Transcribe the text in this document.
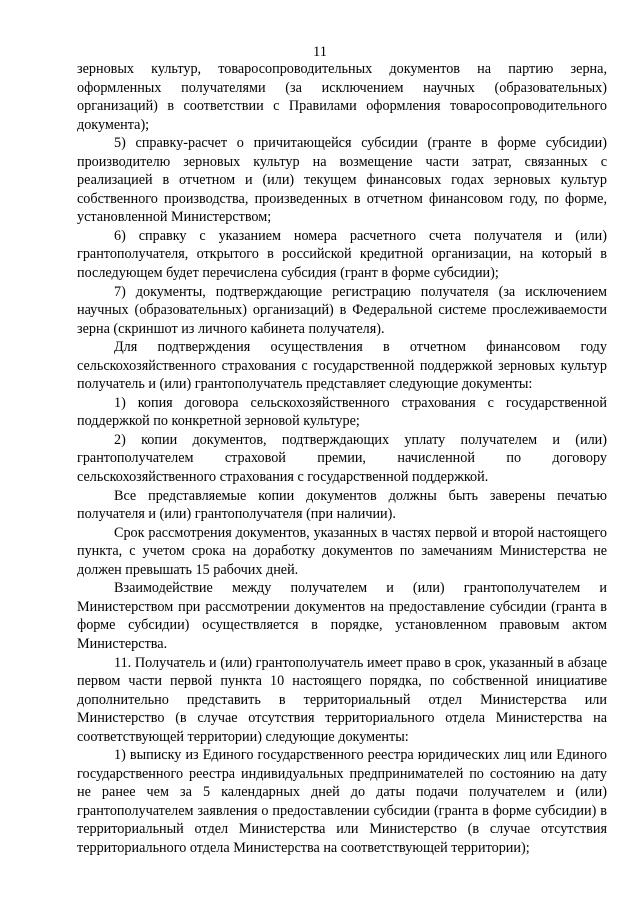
11

зерновых культур, товаросопроводительных документов на партию зерна, оформленных получателями (за исключением научных (образовательных) организаций) в соответствии с Правилами оформления товаросопроводительного документа);

5) справку-расчет о причитающейся субсидии (гранте в форме субсидии) производителю зерновых культур на возмещение части затрат, связанных с реализацией в отчетном и (или) текущем финансовых годах зерновых культур собственного производства, произведенных в отчетном финансовом году, по форме, установленной Министерством;

6) справку с указанием номера расчетного счета получателя и (или) грантополучателя, открытого в российской кредитной организации, на который в последующем будет перечислена субсидия (грант в форме субсидии);

7) документы, подтверждающие регистрацию получателя (за исключением научных (образовательных) организаций) в Федеральной системе прослеживаемости зерна (скриншот из личного кабинета получателя).

Для подтверждения осуществления в отчетном финансовом году сельскохозяйственного страхования с государственной поддержкой зерновых культур получатель и (или) грантополучатель представляет следующие документы:

1) копия договора сельскохозяйственного страхования с государственной поддержкой по конкретной зерновой культуре;

2) копии документов, подтверждающих уплату получателем и (или) грантополучателем страховой премии, начисленной по договору сельскохозяйственного страхования с государственной поддержкой.

Все представляемые копии документов должны быть заверены печатью получателя и (или) грантополучателя (при наличии).

Срок рассмотрения документов, указанных в частях первой и второй настоящего пункта, с учетом срока на доработку документов по замечаниям Министерства не должен превышать 15 рабочих дней.

Взаимодействие между получателем и (или) грантополучателем и Министерством при рассмотрении документов на предоставление субсидии (гранта в форме субсидии) осуществляется в порядке, установленном правовым актом Министерства.

11. Получатель и (или) грантополучатель имеет право в срок, указанный в абзаце первом части первой пункта 10 настоящего порядка, по собственной инициативе дополнительно представить в территориальный отдел Министерства или Министерство (в случае отсутствия территориального отдела Министерства на соответствующей территории) следующие документы:

1) выписку из Единого государственного реестра юридических лиц или Единого государственного реестра индивидуальных предпринимателей по состоянию на дату не ранее чем за 5 календарных дней до даты подачи получателем и (или) грантополучателем заявления о предоставлении субсидии (гранта в форме субсидии) в территориальный отдел Министерства или Министерство (в случае отсутствия территориального отдела Министерства на соответствующей территории);
